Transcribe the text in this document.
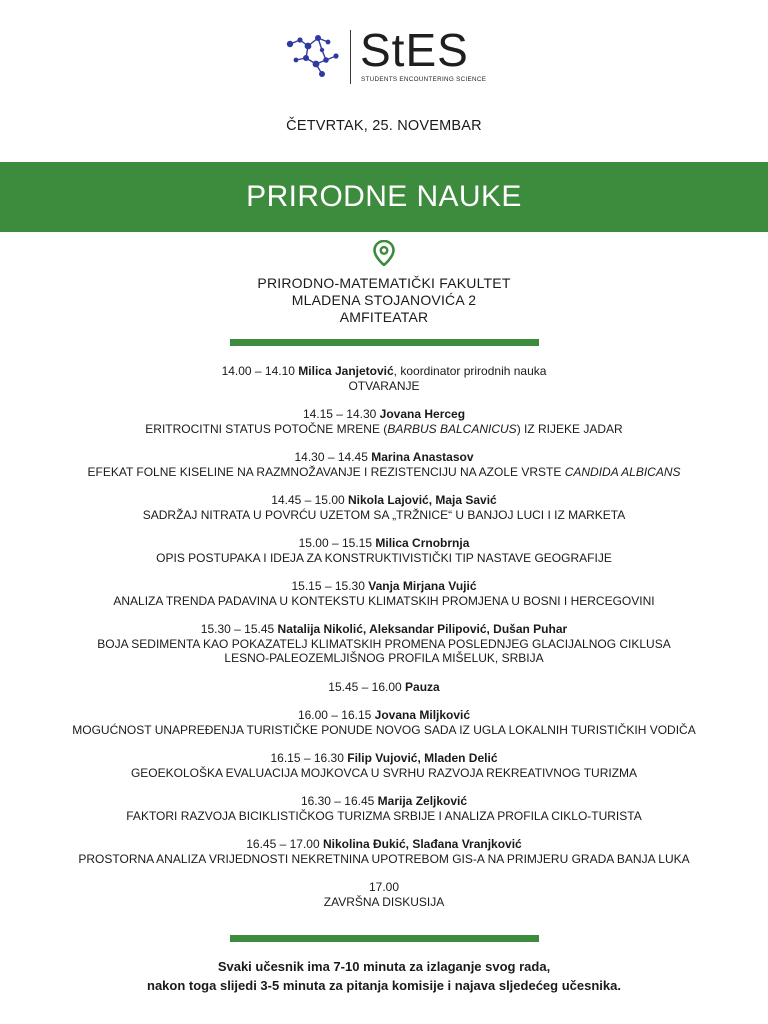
StES
STUDENTS ENCOUNTERING SCIENCE
ČETVRTAK, 25. NOVEMBAR
PRIRODNE NAUKE
PRIRODNO-MATEMATIČKI FAKULTET
MLADENA STOJANOVIĆA 2
AMFITEATAR
14.00 – 14.10 Milica Janjetović, koordinator prirodnih nauka
OTVARANJE
14.15 – 14.30 Jovana Herceg
ERITROCITNI STATUS POTOČNE MRENE (BARBUS BALCANICUS) IZ RIJEKE JADAR
14.30 – 14.45 Marina Anastasov
EFEKAT FOLNE KISELINE NA RAZMNOŽAVANJE I REZISTENCIJU NA AZOLE VRSTE CANDIDA ALBICANS
14.45 – 15.00 Nikola Lajović, Maja Savić
SADRŽAJ NITRATA U POVRĆU UZETOM SA „TRŽNICE“ U BANJOJ LUCI I IZ MARKETA
15.00 – 15.15 Milica Crnobrnja
OPIS POSTUPAKA I IDEJA ZA KONSTRUKTIVISTIČKI TIP NASTAVE GEOGRAFIJE
15.15 – 15.30 Vanja Mirjana Vujić
ANALIZA TRENDA PADAVINA U KONTEKSTU KLIMATSKIH PROMJENA U BOSNI I HERCEGOVINI
15.30 – 15.45 Natalija Nikolić, Aleksandar Pilipović, Dušan Puhar
BOJA SEDIMENTA KAO POKAZATELJ KLIMATSKIH PROMENA POSLEDNJEG GLACIJALNOG CIKLUSA
LESNO-PALEOZEMLJIŠNOG PROFILA MIŠELUK, SRBIJA
15.45 – 16.00 Pauza
16.00 – 16.15 Jovana Miljković
MOGUĆNOST UNAPREĐENJA TURISTIČKE PONUDE NOVOG SADA IZ UGLA LOKALNIH TURISTIČKIH VODIČA
16.15 – 16.30 Filip Vujović, Mladen Delić
GEOEKOLOŠKA EVALUACIJA MOJKOVCA U SVRHU RAZVOJA REKREATIVNOG TURIZMA
16.30 – 16.45 Marija Zeljković
FAKTORI RAZVOJA BICIKLISTIČKOG TURIZMA SRBIJE I ANALIZA PROFILA CIKLO-TURISTA
16.45 – 17.00 Nikolina Đukić, Slađana Vranjković
PROSTORNA ANALIZA VRIJEDNOSTI NEKRETNINA UPOTREBOM GIS-A NA PRIMJERU GRADA BANJA LUKA
17.00
ZAVRŠNA DISKUSIJA
Svaki učesnik ima 7-10 minuta za izlaganje svog rada,
nakon toga slijedi 3-5 minuta za pitanja komisije i najava sljedećeg učesnika.
